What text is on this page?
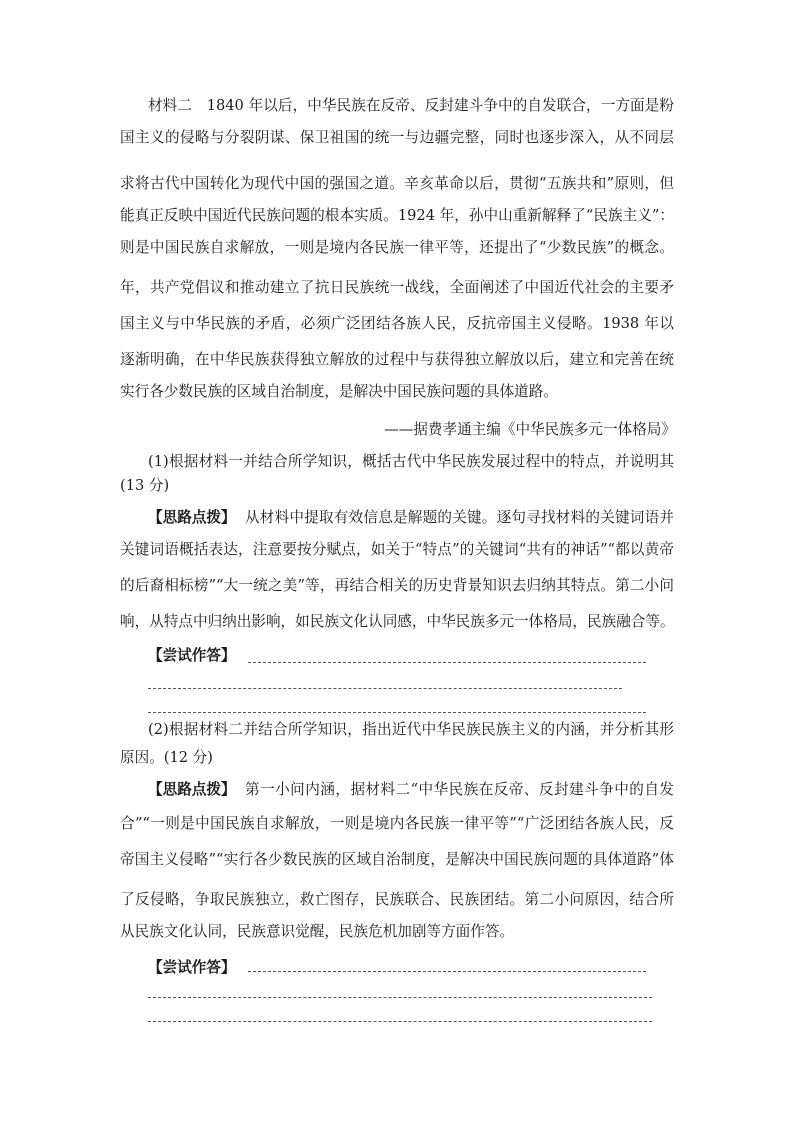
材料二　1840 年以后，中华民族在反帝、反封建斗争中的自发联合，一方面是粉
国主义的侵略与分裂阴谋、保卫祖国的统一与边疆完整，同时也逐步深入，从不同层
求将古代中国转化为现代中国的强国之道。辛亥革命以后，贯彻“五族共和”原则，但
能真正反映中国近代民族问题的根本实质。1924 年，孙中山重新解释了“民族主义”：
则是中国民族自求解放，一则是境内各民族一律平等，还提出了“少数民族”的概念。
年，共产党倡议和推动建立了抗日民族统一战线，全面阐述了中国近代社会的主要矛
国主义与中华民族的矛盾，必须广泛团结各族人民，反抗帝国主义侵略。1938 年以
逐渐明确，在中华民族获得独立解放的过程中与获得独立解放以后，建立和完善在统
实行各少数民族的区域自治制度，是解决中国民族问题的具体道路。
——据费孝通主编《中华民族多元一体格局》
(1)根据材料一并结合所学知识，概括古代中华民族发展过程中的特点，并说明其
(13 分)
【思路点拨】 从材料中提取有效信息是解题的关键。逐句寻找材料的关键词语并
关键词语概括表达，注意要按分赋点，如关于“特点”的关键词“共有的神话”“都以黄帝
的后裔相标榜”“大一统之美”等，再结合相关的历史背景知识去归纳其特点。第二小问
响，从特点中归纳出影响，如民族文化认同感，中华民族多元一体格局，民族融合等。
【尝试作答】
(2)根据材料二并结合所学知识，指出近代中华民族民族主义的内涵，并分析其形
原因。(12 分)
【思路点拨】 第一小问内涵，据材料二“中华民族在反帝、反封建斗争中的自发
合”“一则是中国民族自求解放，一则是境内各民族一律平等”“广泛团结各族人民，反
帝国主义侵略”“实行各少数民族的区域自治制度，是解决中国民族问题的具体道路”体
了反侵略，争取民族独立，救亡图存，民族联合、民族团结。第二小问原因，结合所
从民族文化认同，民族意识觉醒，民族危机加剧等方面作答。
【尝试作答】
